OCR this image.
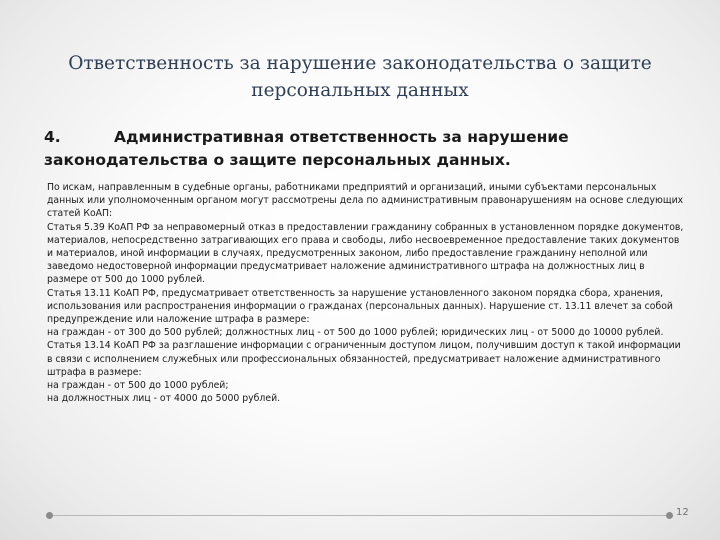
Ответственность за нарушение законодательства о защите персональных данных
4.	Административная ответственность за нарушение законодательства о защите персональных данных.

По искам, направленным в судебные органы, работниками предприятий и организаций, иными субъектами персональных данных или уполномоченным органом могут рассмотрены дела по административным правонарушениям на основе следующих статей КоАП:

Статья 5.39 КоАП РФ за неправомерный отказ в предоставлении гражданину собранных в установленном порядке документов, материалов, непосредственно затрагивающих его права и свободы, либо несвоевременное предоставление таких документов и материалов, иной информации в случаях, предусмотренных законом, либо предоставление гражданину неполной или заведомо недостоверной информации предусматривает наложение административного штрафа на должностных лиц в размере от 500 до 1000 рублей.

Статья 13.11 КоАП РФ, предусматривает ответственность за нарушение установленного законом порядка сбора, хранения, использования или распространения информации о гражданах (персональных данных). Нарушение ст. 13.11 влечет за собой предупреждение или наложение штрафа в размере:

на граждан - от 300 до 500 рублей; должностных лиц - от 500 до 1000 рублей; юридических лиц - от 5000 до 10000 рублей.

Статья 13.14 КоАП РФ за разглашение информации с ограниченным доступом лицом, получившим доступ к такой информации в связи с исполнением служебных или профессиональных обязанностей, предусматривает наложение административного штрафа в размере:

на граждан - от 500 до 1000 рублей;

на должностных лиц - от 4000 до 5000 рублей.

12
